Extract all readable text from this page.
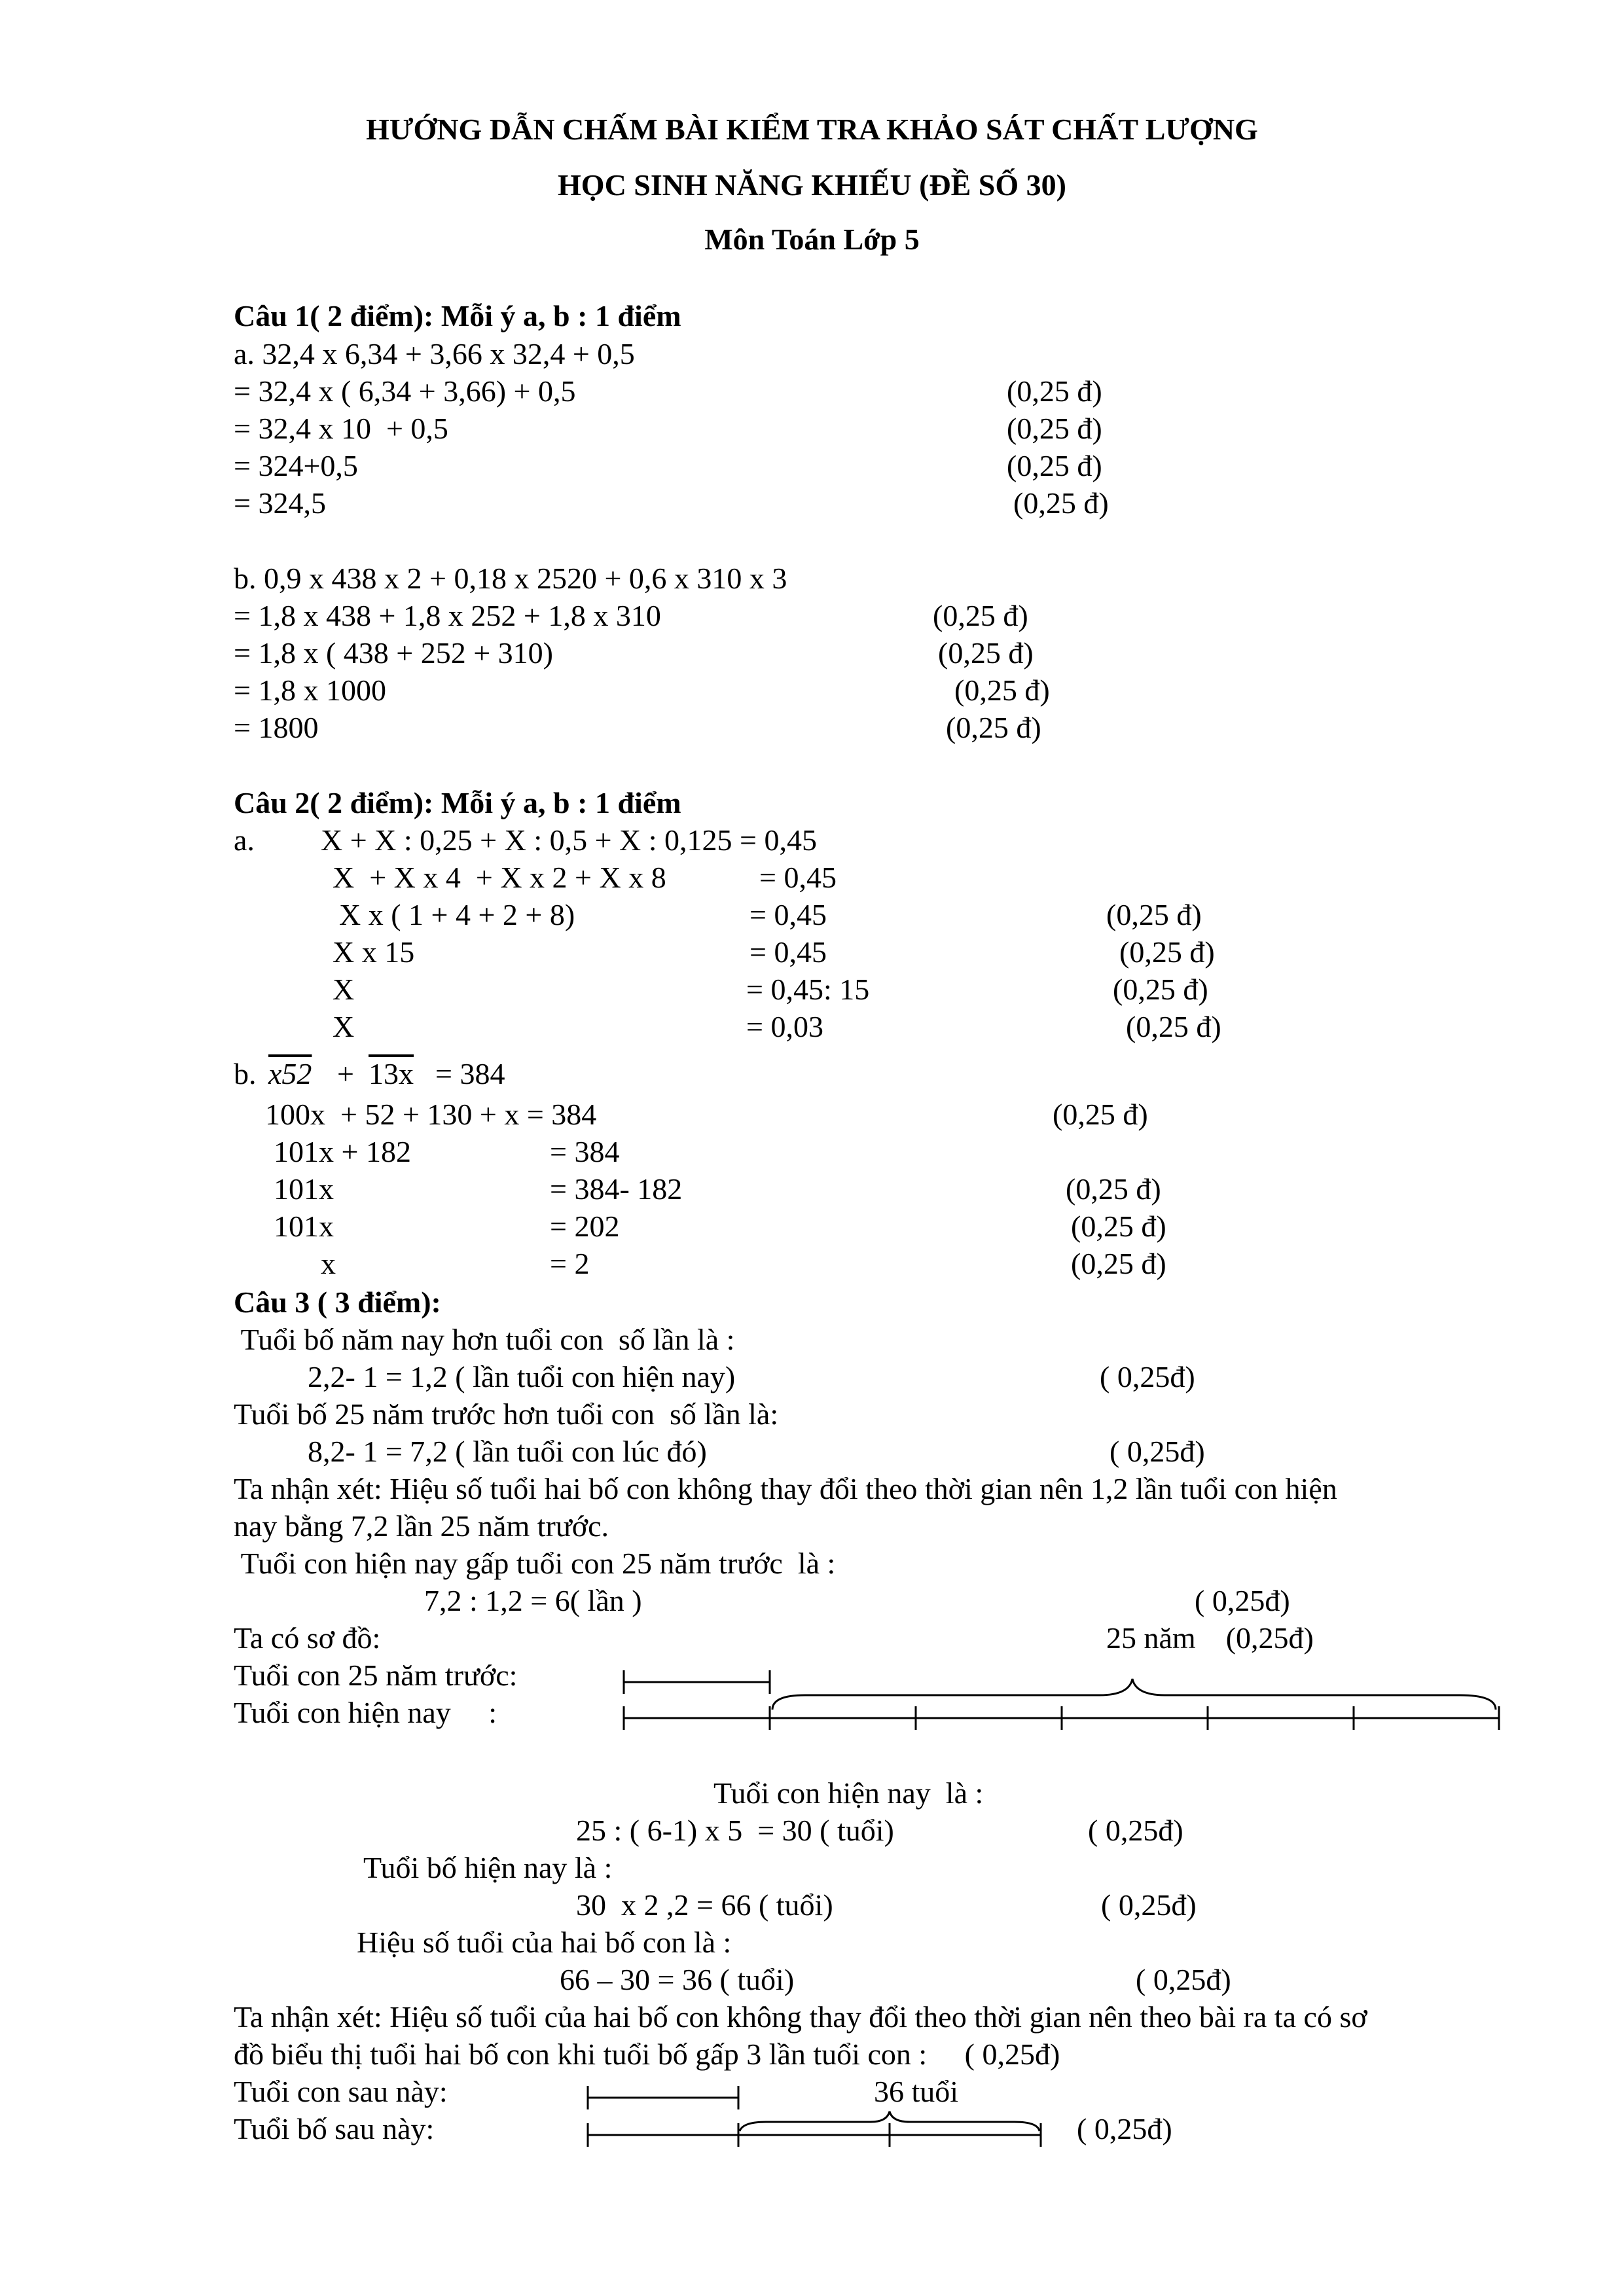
HƯỚNG DẪN CHẤM BÀI KIỂM TRA KHẢO SÁT CHẤT LƯỢNG
HỌC SINH NĂNG KHIẾU (ĐỀ SỐ 30)
Môn Toán Lớp 5
Câu 1( 2 điểm): Mỗi ý a, b : 1 điểm
a. 32,4 x 6,34 + 3,66 x 32,4 + 0,5
= 32,4 x ( 6,34 + 3,66) + 0,5	(0,25 đ)
= 32,4 x 10  + 0,5	(0,25 đ)
= 324+0,5	(0,25 đ)
= 324,5	(0,25 đ)
b. 0,9 x 438 x 2 + 0,18 x 2520 + 0,6 x 310 x 3
= 1,8 x 438 + 1,8 x 252 + 1,8 x 310	(0,25 đ)
= 1,8 x ( 438 + 252 + 310)	(0,25 đ)
= 1,8 x 1000	(0,25 đ)
= 1800	(0,25 đ)
Câu 2( 2 điểm): Mỗi ý a, b : 1 điểm
a. X + X : 0,25 + X : 0,5 + X : 0,125 = 0,45
X  + X x 4  + X x 2 + X x 8	= 0,45
X x ( 1 + 4 + 2 + 8)	= 0,45	(0,25 đ)
X x 15	= 0,45	(0,25 đ)
X	= 0,45: 15	(0,25 đ)
X	= 0,03	(0,25 đ)
b. x52 + 13x = 384
100x  + 52 + 130 + x = 384	(0,25 đ)
101x + 182	= 384
101x	= 384- 182	(0,25 đ)
101x	= 202	(0,25 đ)
x	= 2	(0,25 đ)
Câu 3 ( 3 điểm):
Tuổi bố năm nay hơn tuổi con  số lần là :
2,2- 1 = 1,2 ( lần tuổi con hiện nay)	( 0,25đ)
Tuổi bố 25 năm trước hơn tuổi con  số lần là:
8,2- 1 = 7,2 ( lần tuổi con lúc đó)	( 0,25đ)
Ta nhận xét: Hiệu số tuổi hai bố con không thay đổi theo thời gian nên 1,2 lần tuổi con hiện
nay bằng 7,2 lần 25 năm trước.
Tuổi con hiện nay gấp tuổi con 25 năm trước  là :
7,2 : 1,2 = 6( lần )	( 0,25đ)
Ta có sơ đồ:	25 năm    (0,25đ)
Tuổi con 25 năm trước:
Tuổi con hiện nay     :
Tuổi con hiện nay  là :
25 : ( 6-1) x 5  = 30 ( tuổi)	( 0,25đ)
Tuổi bố hiện nay là :
30  x 2 ,2 = 66 ( tuổi)	( 0,25đ)
Hiệu số tuổi của hai bố con là :
66 – 30 = 36 ( tuổi)	( 0,25đ)
Ta nhận xét: Hiệu số tuổi của hai bố con không thay đổi theo thời gian nên theo bài ra ta có sơ
đồ biểu thị tuổi hai bố con khi tuổi bố gấp 3 lần tuổi con :     ( 0,25đ)
Tuổi con sau này:	36 tuổi
Tuổi bố sau này:	( 0,25đ)
